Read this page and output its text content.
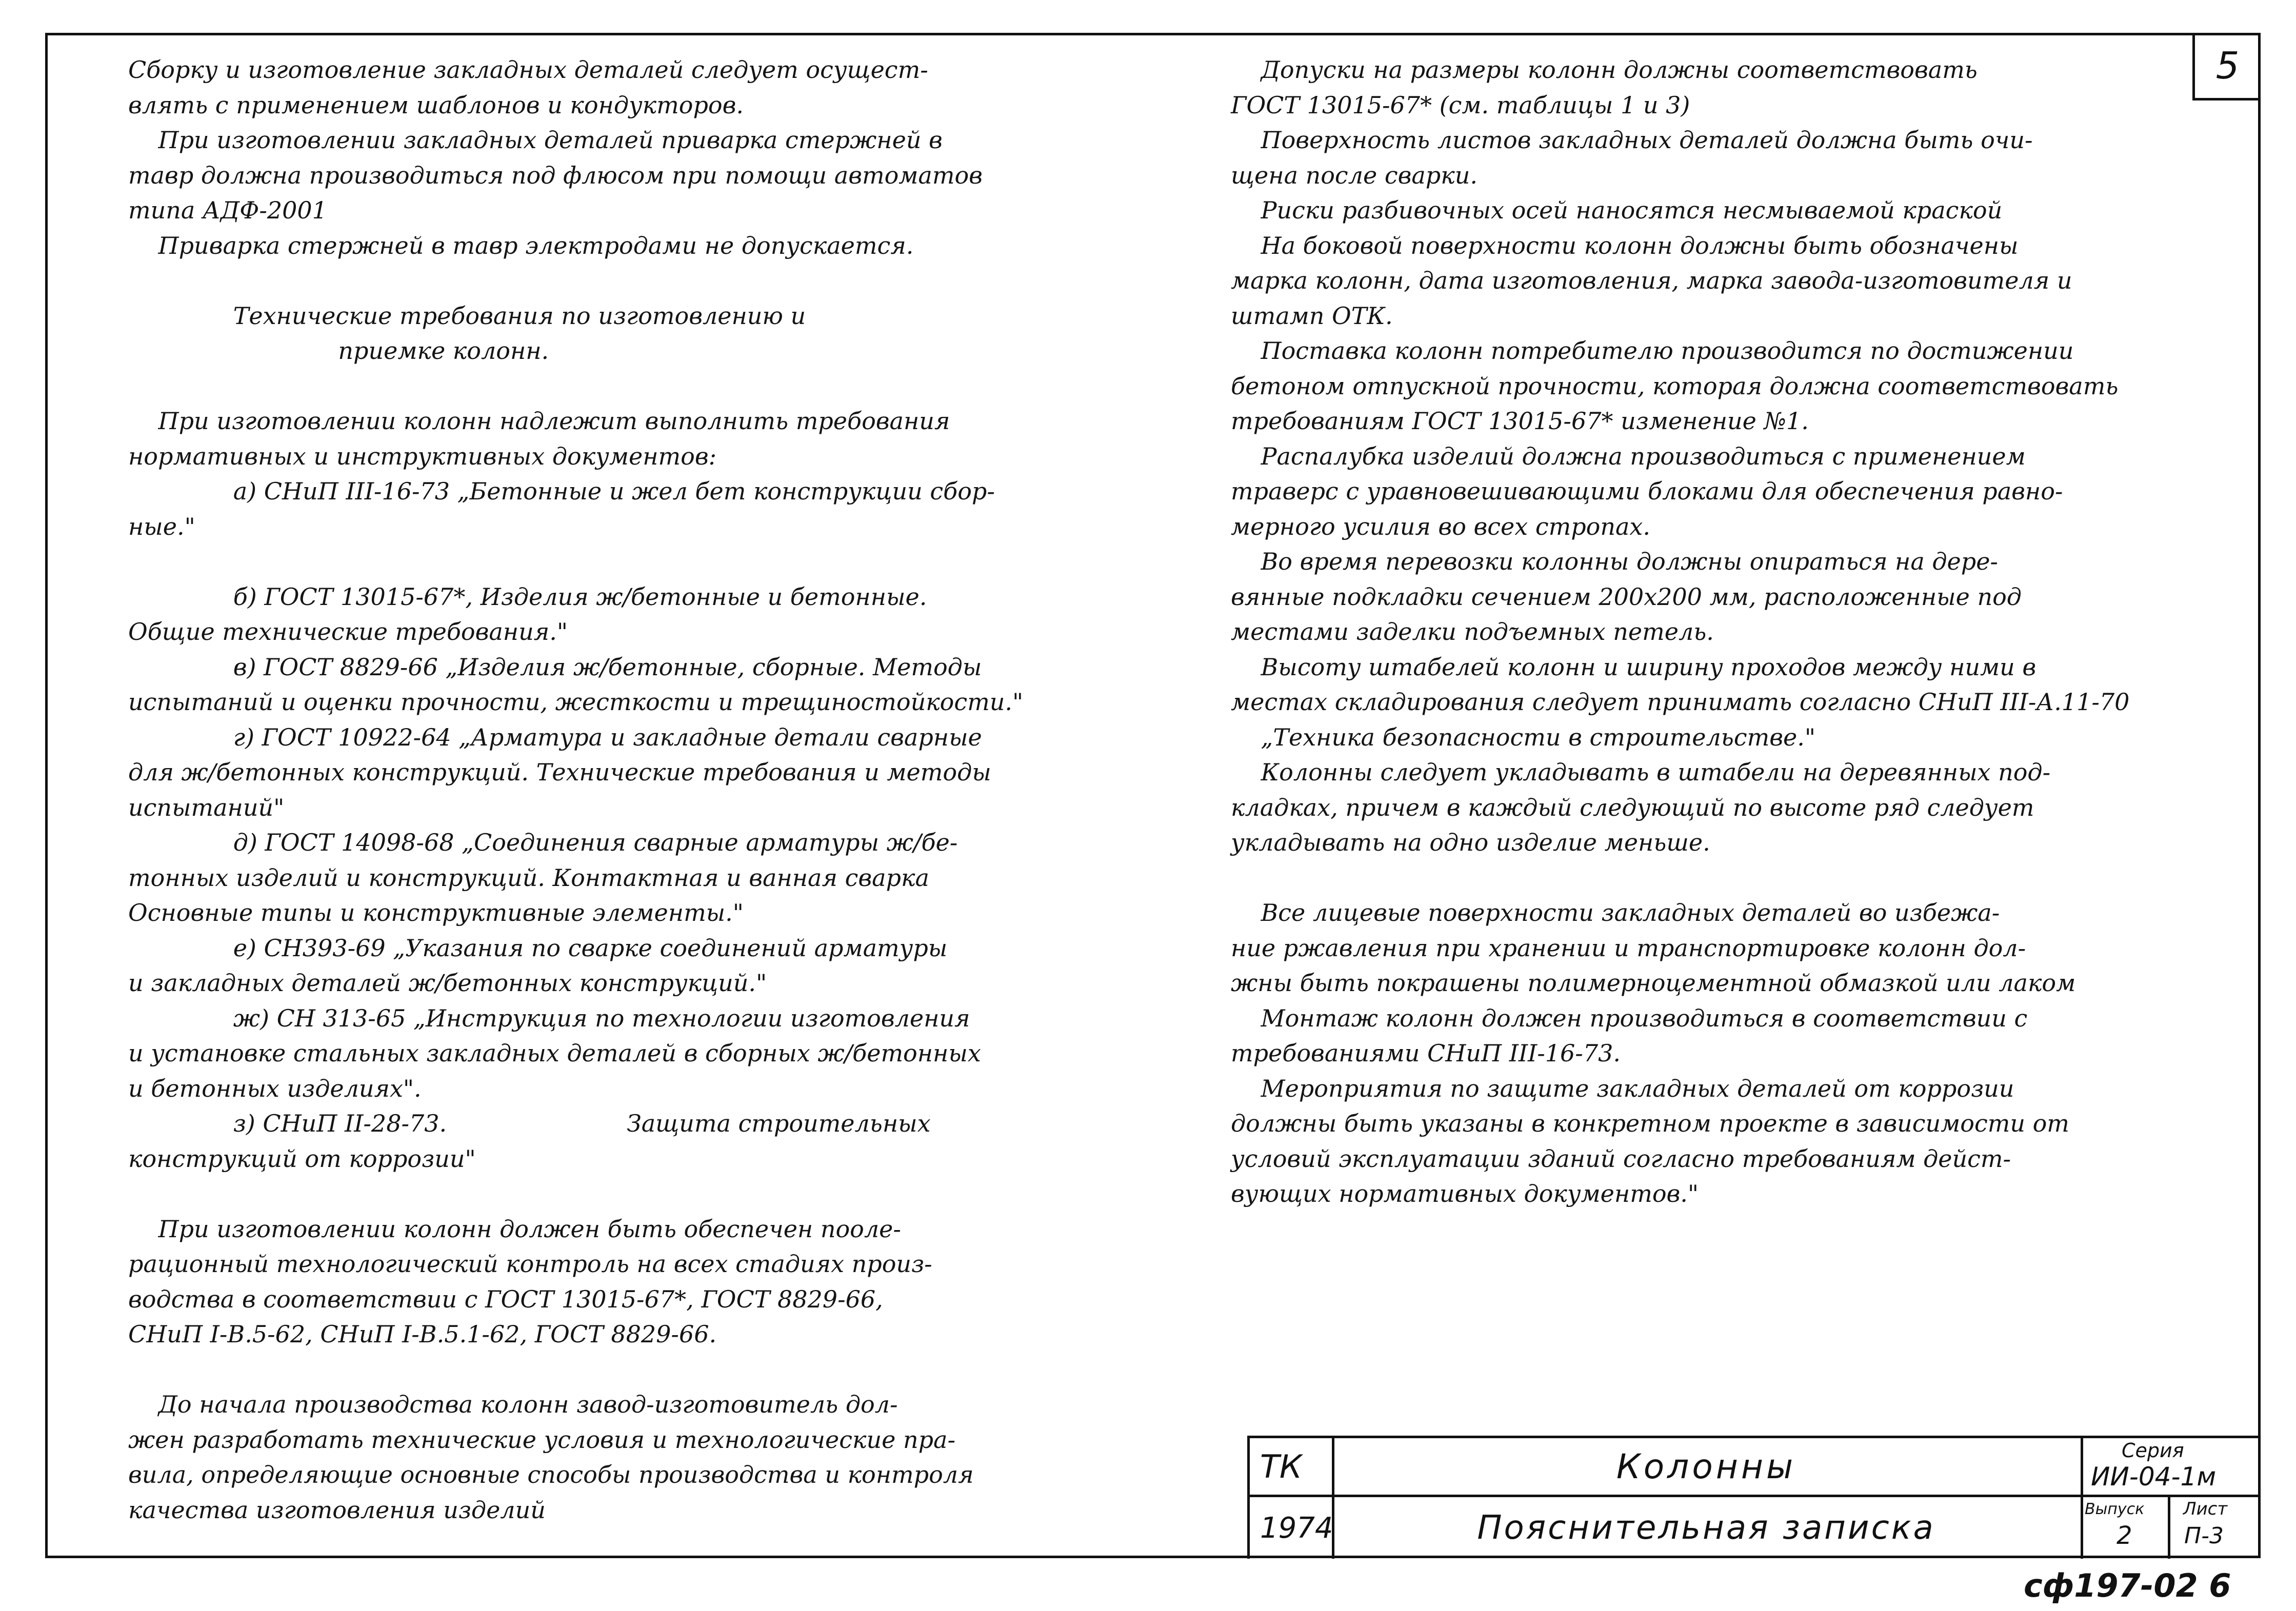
5
Сборку и изготовление закладных деталей следует осущест-
влять с применением шаблонов и кондукторов.
При изготовлении закладных деталей приварка стержней в
тавр должна производиться под флюсом при помощи автоматов
типа АДФ-2001
Приварка стержней в тавр электродами не допускается.
Технические требования по изготовлению и
приемке колонн.
При изготовлении колонн надлежит выполнить требования
нормативных и инструктивных документов:
а) СНиП III-16-73 „Бетонные и жел бет конструкции сбор-
ные."
б) ГОСТ 13015-67*, Изделия ж/бетонные и бетонные.
Общие технические требования."
в) ГОСТ 8829-66 „Изделия ж/бетонные, сборные. Методы
испытаний и оценки прочности, жесткости и трещиностойкости."
г) ГОСТ 10922-64 „Арматура и закладные детали сварные
для ж/бетонных конструкций. Технические требования и методы
испытаний"
д) ГОСТ 14098-68 „Соединения сварные арматуры ж/бе-
тонных изделий и конструкций. Контактная и ванная сварка
Основные типы и конструктивные элементы."
е) СН393-69 „Указания по сварке соединений арматуры
и закладных деталей ж/бетонных конструкций."
ж) СН 313-65 „Инструкция по технологии изготовления
и установке стальных закладных деталей в сборных ж/бетонных
и бетонных изделиях".
з) СНиП II-28-73.                        Защита строительных
конструкций от коррозии"
При изготовлении колонн должен быть обеспечен пооле-
рационный технологический контроль на всех стадиях произ-
водства в соответствии с ГОСТ 13015-67*, ГОСТ 8829-66,
СНиП I-В.5-62, СНиП I-В.5.1-62, ГОСТ 8829-66.
До начала производства колонн завод-изготовитель дол-
жен разработать технические условия и технологические пра-
вила, определяющие основные способы производства и контроля
качества изготовления изделий
Допуски на размеры колонн должны соответствовать
ГОСТ 13015-67* (см. таблицы 1 и 3)
Поверхность листов закладных деталей должна быть очи-
щена после сварки.
Риски разбивочных осей наносятся несмываемой краской
На боковой поверхности колонн должны быть обозначены
марка колонн, дата изготовления, марка завода-изготовителя и
штамп ОТК.
Поставка колонн потребителю производится по достижении
бетоном отпускной прочности, которая должна соответствовать
требованиям ГОСТ 13015-67* изменение №1.
Распалубка изделий должна производиться с применением
траверс с уравновешивающими блоками для обеспечения равно-
мерного усилия во всех стропах.
Во время перевозки колонны должны опираться на дере-
вянные подкладки сечением 200х200 мм, расположенные под
местами заделки подъемных петель.
Высоту штабелей колонн и ширину проходов между ними в
местах складирования следует принимать согласно СНиП III-А.11-70
„Техника безопасности в строительстве."
Колонны следует укладывать в штабели на деревянных под-
кладках, причем в каждый следующий по высоте ряд следует
укладывать на одно изделие меньше.
Все лицевые поверхности закладных деталей во избежа-
ние ржавления при хранении и транспортировке колонн дол-
жны быть покрашены полимерноцементной обмазкой или лаком
Монтаж колонн должен производиться в соответствии с
требованиями СНиП III-16-73.
Мероприятия по защите закладных деталей от коррозии
должны быть указаны в конкретном проекте в зависимости от
условий эксплуатации зданий согласно требованиям дейст-
вующих нормативных документов."
ТК
1974
Колонны
Пояснительная записка
Серия
ИИ-04-1м
Выпуск
2
Лист
П-3
сф197-02 6
